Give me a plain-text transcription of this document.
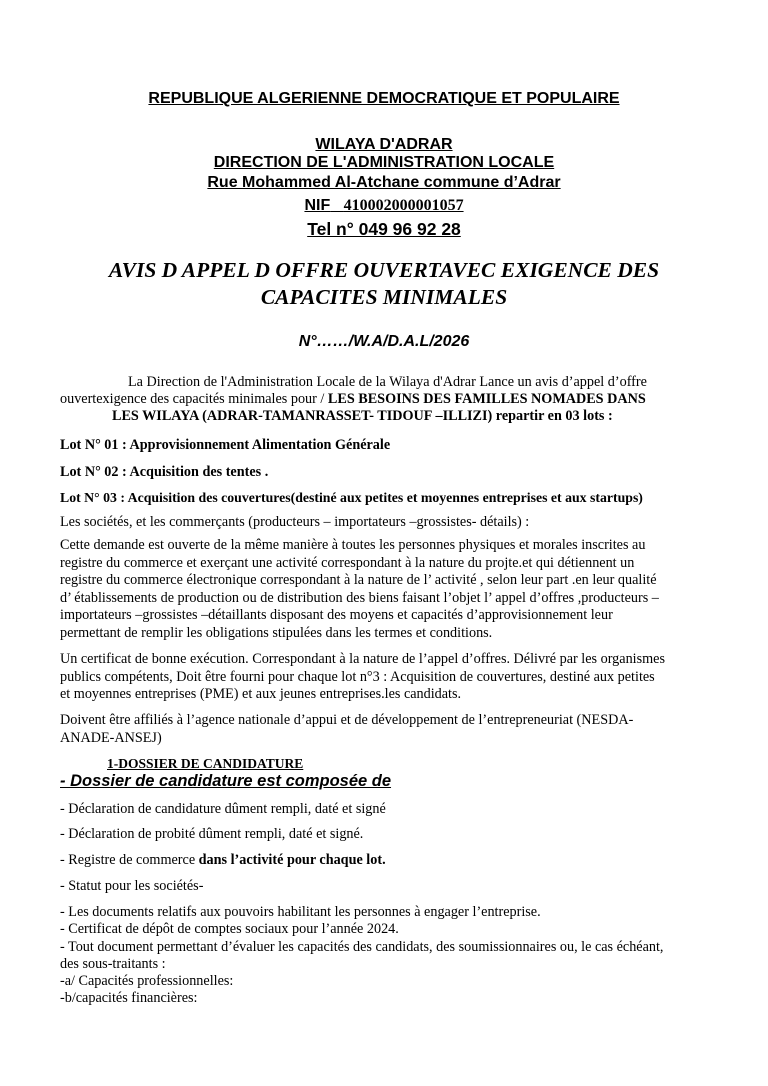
REPUBLIQUE ALGERIENNE DEMOCRATIQUE ET POPULAIRE
WILAYA D'ADRAR
DIRECTION DE L'ADMINISTRATION LOCALE
Rue Mohammed Al-Atchane commune d’Adrar
NIF 410002000001057
Tel n° 049 96 92 28
AVIS D APPEL D OFFRE OUVERTAVEC EXIGENCE DES
CAPACITES MINIMALES
N°……/W.A/D.A.L/2026
La Direction de l'Administration Locale de la Wilaya d'Adrar Lance un avis d’appel d’offre
ouvertexigence des capacités minimales pour / LES BESOINS DES FAMILLES NOMADES DANS
LES WILAYA (ADRAR-TAMANRASSET- TIDOUF –ILLIZI) repartir en 03 lots :
Lot N° 01 : Approvisionnement Alimentation Générale
Lot N° 02 : Acquisition des tentes .
Lot N° 03 : Acquisition des couvertures(destiné aux petites et moyennes entreprises et aux startups)
Les sociétés, et les commerçants (producteurs – importateurs –grossistes- détails) :
Cette demande est ouverte de la même manière à toutes les personnes physiques et morales inscrites au
registre du commerce et exerçant une activité correspondant à la nature du projte.et qui détiennent un
registre du commerce électronique correspondant à la nature de l’ activité , selon leur part .en leur qualité
d’ établissements de production ou de distribution des biens faisant l’objet l’ appel d’offres ,producteurs –
importateurs –grossistes –détaillants disposant des moyens et capacités d’approvisionnement leur
permettant de remplir les obligations stipulées dans les termes et conditions.
Un certificat de bonne exécution. Correspondant à la nature de l’appel d’offres. Délivré par les organismes
publics compétents, Doit être fourni pour chaque lot n°3 : Acquisition de couvertures, destiné aux petites
et moyennes entreprises (PME) et aux jeunes entreprises.les candidats.
Doivent être affiliés à l’agence nationale d’appui et de développement de l’entrepreneuriat (NESDA-
ANADE-ANSEJ)
1-DOSSIER DE CANDIDATURE
- Dossier de candidature est composée de
- Déclaration de candidature dûment rempli, daté et signé
- Déclaration de probité dûment rempli, daté et signé.
- Registre de commerce dans l’activité pour chaque lot.
- Statut pour les sociétés-
- Les documents relatifs aux pouvoirs habilitant les personnes à engager l’entreprise.
- Certificat de dépôt de comptes sociaux pour l’année 2024.
- Tout document permettant d’évaluer les capacités des candidats, des soumissionnaires ou, le cas échéant,
des sous-traitants :
-a/ Capacités professionnelles:
-b/capacités financières:
